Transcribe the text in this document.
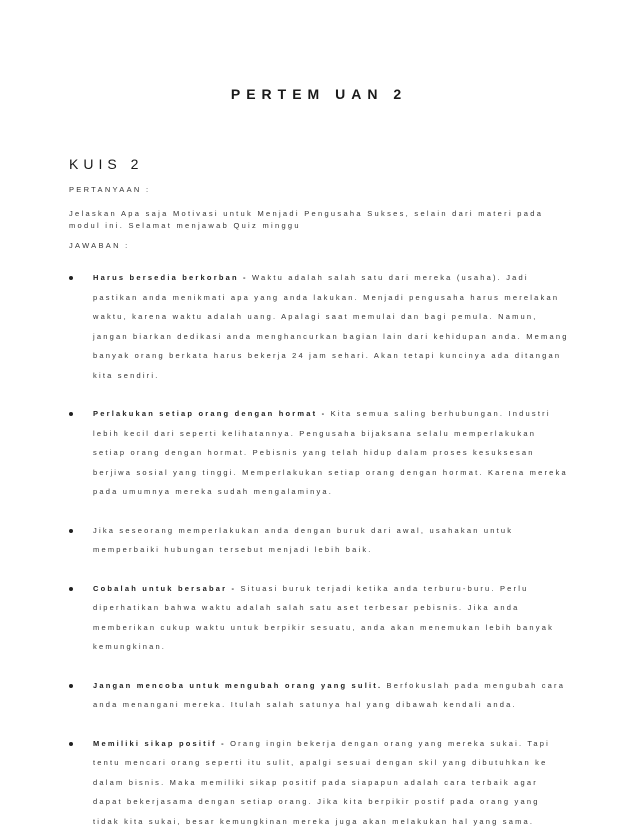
PERTEM UAN 2
KUIS 2
PERTANYAAN :
Jelaskan Apa saja Motivasi untuk Menjadi Pengusaha Sukses, selain dari materi pada modul ini. Selamat menjawab Quiz minggu
JAWABAN :
Harus bersedia berkorban - Waktu adalah salah satu dari mereka (usaha). Jadi pastikan anda menikmati apa yang anda lakukan. Menjadi pengusaha harus merelakan waktu, karena waktu adalah uang. Apalagi saat memulai dan bagi pemula. Namun, jangan biarkan dedikasi anda menghancurkan bagian lain dari kehidupan anda. Memang banyak orang berkata harus bekerja 24 jam sehari. Akan tetapi kuncinya ada ditangan kita sendiri.
Perlakukan setiap orang dengan hormat - Kita semua saling berhubungan. Industri lebih kecil dari seperti kelihatannya. Pengusaha bijaksana selalu memperlakukan setiap orang dengan hormat. Pebisnis yang telah hidup dalam proses kesuksesan berjiwa sosial yang tinggi. Memperlakukan setiap orang dengan hormat. Karena mereka pada umumnya mereka sudah mengalaminya.
Jika seseorang memperlakukan anda dengan buruk dari awal, usahakan untuk memperbaiki hubungan tersebut menjadi lebih baik.
Cobalah untuk bersabar - Situasi buruk terjadi ketika anda terburu-buru. Perlu diperhatikan bahwa waktu adalah salah satu aset terbesar pebisnis. Jika anda memberikan cukup waktu untuk berpikir sesuatu, anda akan menemukan lebih banyak kemungkinan.
Jangan mencoba untuk mengubah orang yang sulit. Berfokuslah pada mengubah cara anda menangani mereka. Itulah salah satunya hal yang dibawah kendali anda.
Memiliki sikap positif - Orang ingin bekerja dengan orang yang mereka sukai. Tapi tentu mencari orang seperti itu sulit, apalgi sesuai dengan skil yang dibutuhkan ke dalam bisnis. Maka memiliki sikap positif pada siapapun adalah cara terbaik agar dapat bekerjasama dengan setiap orang. Jika kita berpikir postif pada orang yang tidak kita sukai, besar kemungkinan mereka juga akan melakukan hal yang sama.
